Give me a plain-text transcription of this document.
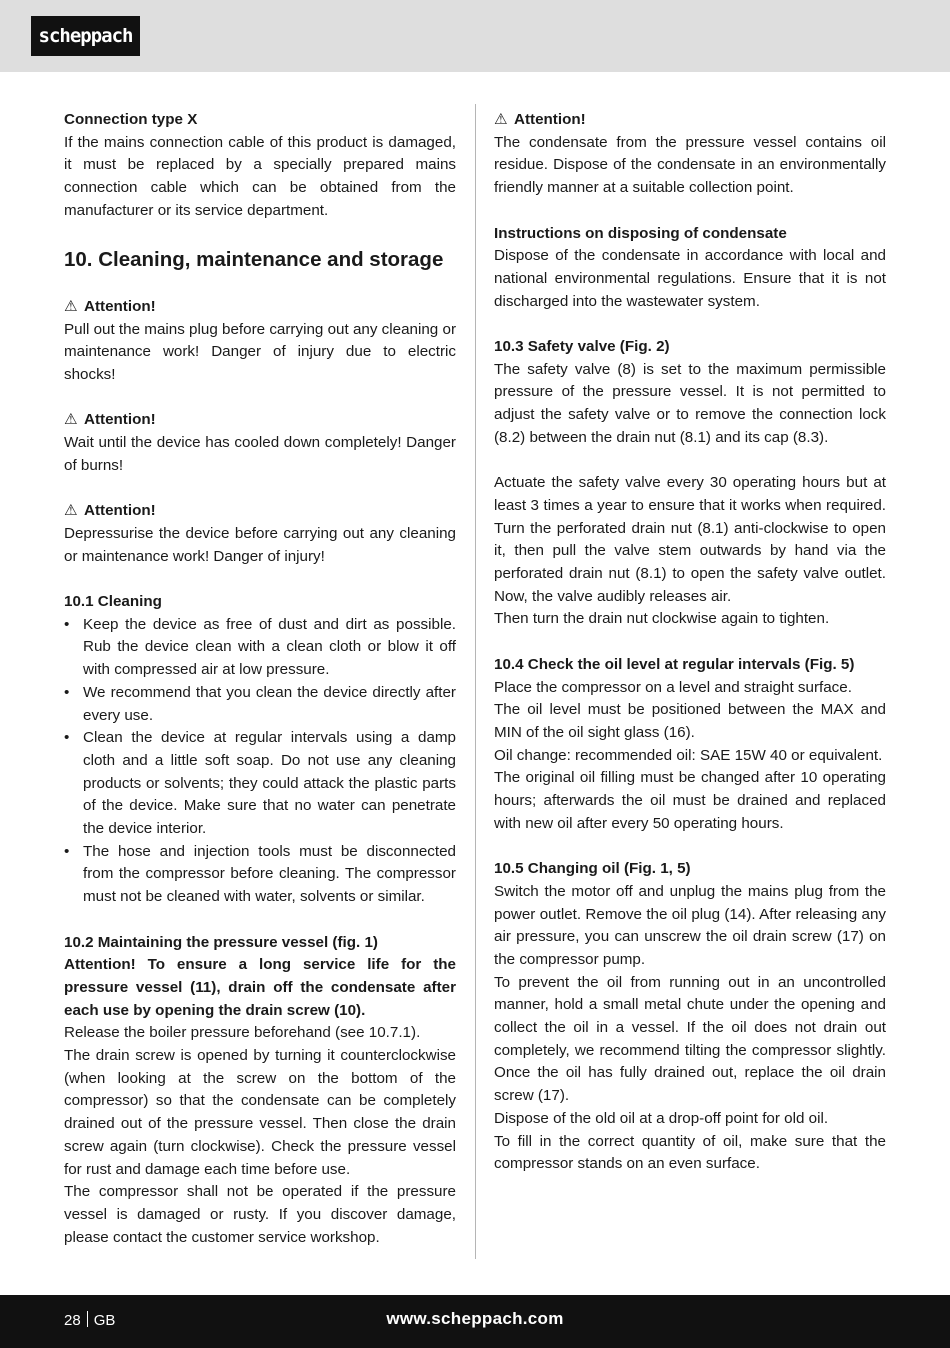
scheppach

Connection type X

If the mains connection cable of this product is damaged, it must be replaced by a specially prepared mains connection cable which can be obtained from the manufacturer or its service department.

10. Cleaning, maintenance and storage

⚠ Attention!

Pull out the mains plug before carrying out any cleaning or maintenance work! Danger of injury due to electric shocks!

⚠ Attention!

Wait until the device has cooled down completely! Danger of burns!

⚠ Attention!

Depressurise the device before carrying out any cleaning or maintenance work! Danger of injury!

10.1 Cleaning

• Keep the device as free of dust and dirt as possible. Rub the device clean with a clean cloth or blow it off with compressed air at low pressure.
• We recommend that you clean the device directly after every use.
• Clean the device at regular intervals using a damp cloth and a little soft soap. Do not use any cleaning products or solvents; they could attack the plastic parts of the device. Make sure that no water can penetrate the device interior.
• The hose and injection tools must be disconnected from the compressor before cleaning. The compressor must not be cleaned with water, solvents or similar.

10.2 Maintaining the pressure vessel (fig. 1)

Attention! To ensure a long service life for the pressure vessel (11), drain off the condensate after each use by opening the drain screw (10).

Release the boiler pressure beforehand (see 10.7.1).

The drain screw is opened by turning it counterclockwise (when looking at the screw on the bottom of the compressor) so that the condensate can be completely drained out of the pressure vessel. Then close the drain screw again (turn clockwise). Check the pressure vessel for rust and damage each time before use.

The compressor shall not be operated if the pressure vessel is damaged or rusty. If you discover damage, please contact the customer service workshop.

⚠ Attention!

The condensate from the pressure vessel contains oil residue. Dispose of the condensate in an environmentally friendly manner at a suitable collection point.

Instructions on disposing of condensate

Dispose of the condensate in accordance with local and national environmental regulations. Ensure that it is not discharged into the wastewater system.

10.3 Safety valve (Fig. 2)

The safety valve (8) is set to the maximum permissible pressure of the pressure vessel. It is not permitted to adjust the safety valve or to remove the connection lock (8.2) between the drain nut (8.1) and its cap (8.3).

Actuate the safety valve every 30 operating hours but at least 3 times a year to ensure that it works when required. Turn the perforated drain nut (8.1) anti-clockwise to open it, then pull the valve stem outwards by hand via the perforated drain nut (8.1) to open the safety valve outlet. Now, the valve audibly releases air.

Then turn the drain nut clockwise again to tighten.

10.4 Check the oil level at regular intervals (Fig. 5)

Place the compressor on a level and straight surface.

The oil level must be positioned between the MAX and MIN of the oil sight glass (16).

Oil change: recommended oil: SAE 15W 40 or equivalent.

The original oil filling must be changed after 10 operating hours; afterwards the oil must be drained and replaced with new oil after every 50 operating hours.

10.5 Changing oil (Fig. 1, 5)

Switch the motor off and unplug the mains plug from the power outlet. Remove the oil plug (14). After releasing any air pressure, you can unscrew the oil drain screw (17) on the compressor pump.

To prevent the oil from running out in an uncontrolled manner, hold a small metal chute under the opening and collect the oil in a vessel. If the oil does not drain out completely, we recommend tilting the compressor slightly. Once the oil has fully drained out, replace the oil drain screw (17).

Dispose of the old oil at a drop-off point for old oil.

To fill in the correct quantity of oil, make sure that the compressor stands on an even surface.

28 GB	www.scheppach.com
